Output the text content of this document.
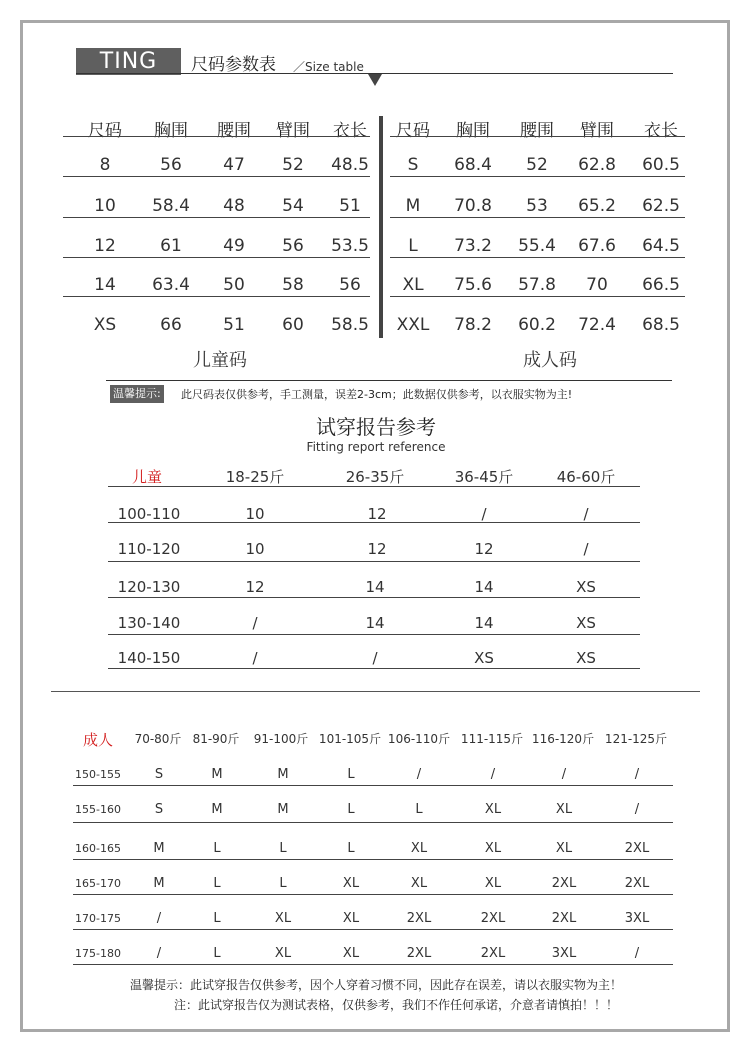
TING	尺码参数表 ／Size table
尺码 胸围 腰围 臂围 衣长
8	56 47 52 48.5
10 58.4 48 54 51
12	61 49 56 53.5
14 63.4 50 58 56
XS	66 51 60 58.5
儿童码
尺码 胸围 腰围 臂围 衣长
S 68.4 52 62.8 60.5
M 70.8 53 65.2 62.5
L 73.2 55.4 67.6 64.5
XL 75.6 57.8 70 66.5
XXL 78.2 60.2 72.4 68.5
成人码
温馨提示: 此尺码表仅供参考，手工测量，误差2-3cm；此数据仅供参考，以衣服实物为主!
试穿报告参考
Fitting report reference
儿童	18-25斤	26-35斤	36-45斤	46-60斤
100-110	10	12	/	/
110-120	10	12	12	/
120-130	12	14	14	XS
130-140	/	14	14	XS
140-150	/	/	XS	XS
成人 70-80斤 81-90斤 91-100斤 101-105斤 106-110斤 111-115斤 116-120斤 121-125斤
150-155	S	M	M	L	/	/	/	/
155-160	S	M	M	L	L	XL	XL	/
160-165 M	L	L	L	XL	XL	XL	2XL
165-170 M	L	L	XL	XL	XL	2XL	2XL
170-175	/	L	XL	XL	2XL	2XL	2XL	3XL
175-180	/	L	XL	XL	2XL	2XL	3XL	/
温馨提示：此试穿报告仅供参考，因个人穿着习惯不同，因此存在误差，请以衣服实物为主！
注：此试穿报告仅为测试表格，仅供参考，我们不作任何承诺，介意者请慎拍！！！
